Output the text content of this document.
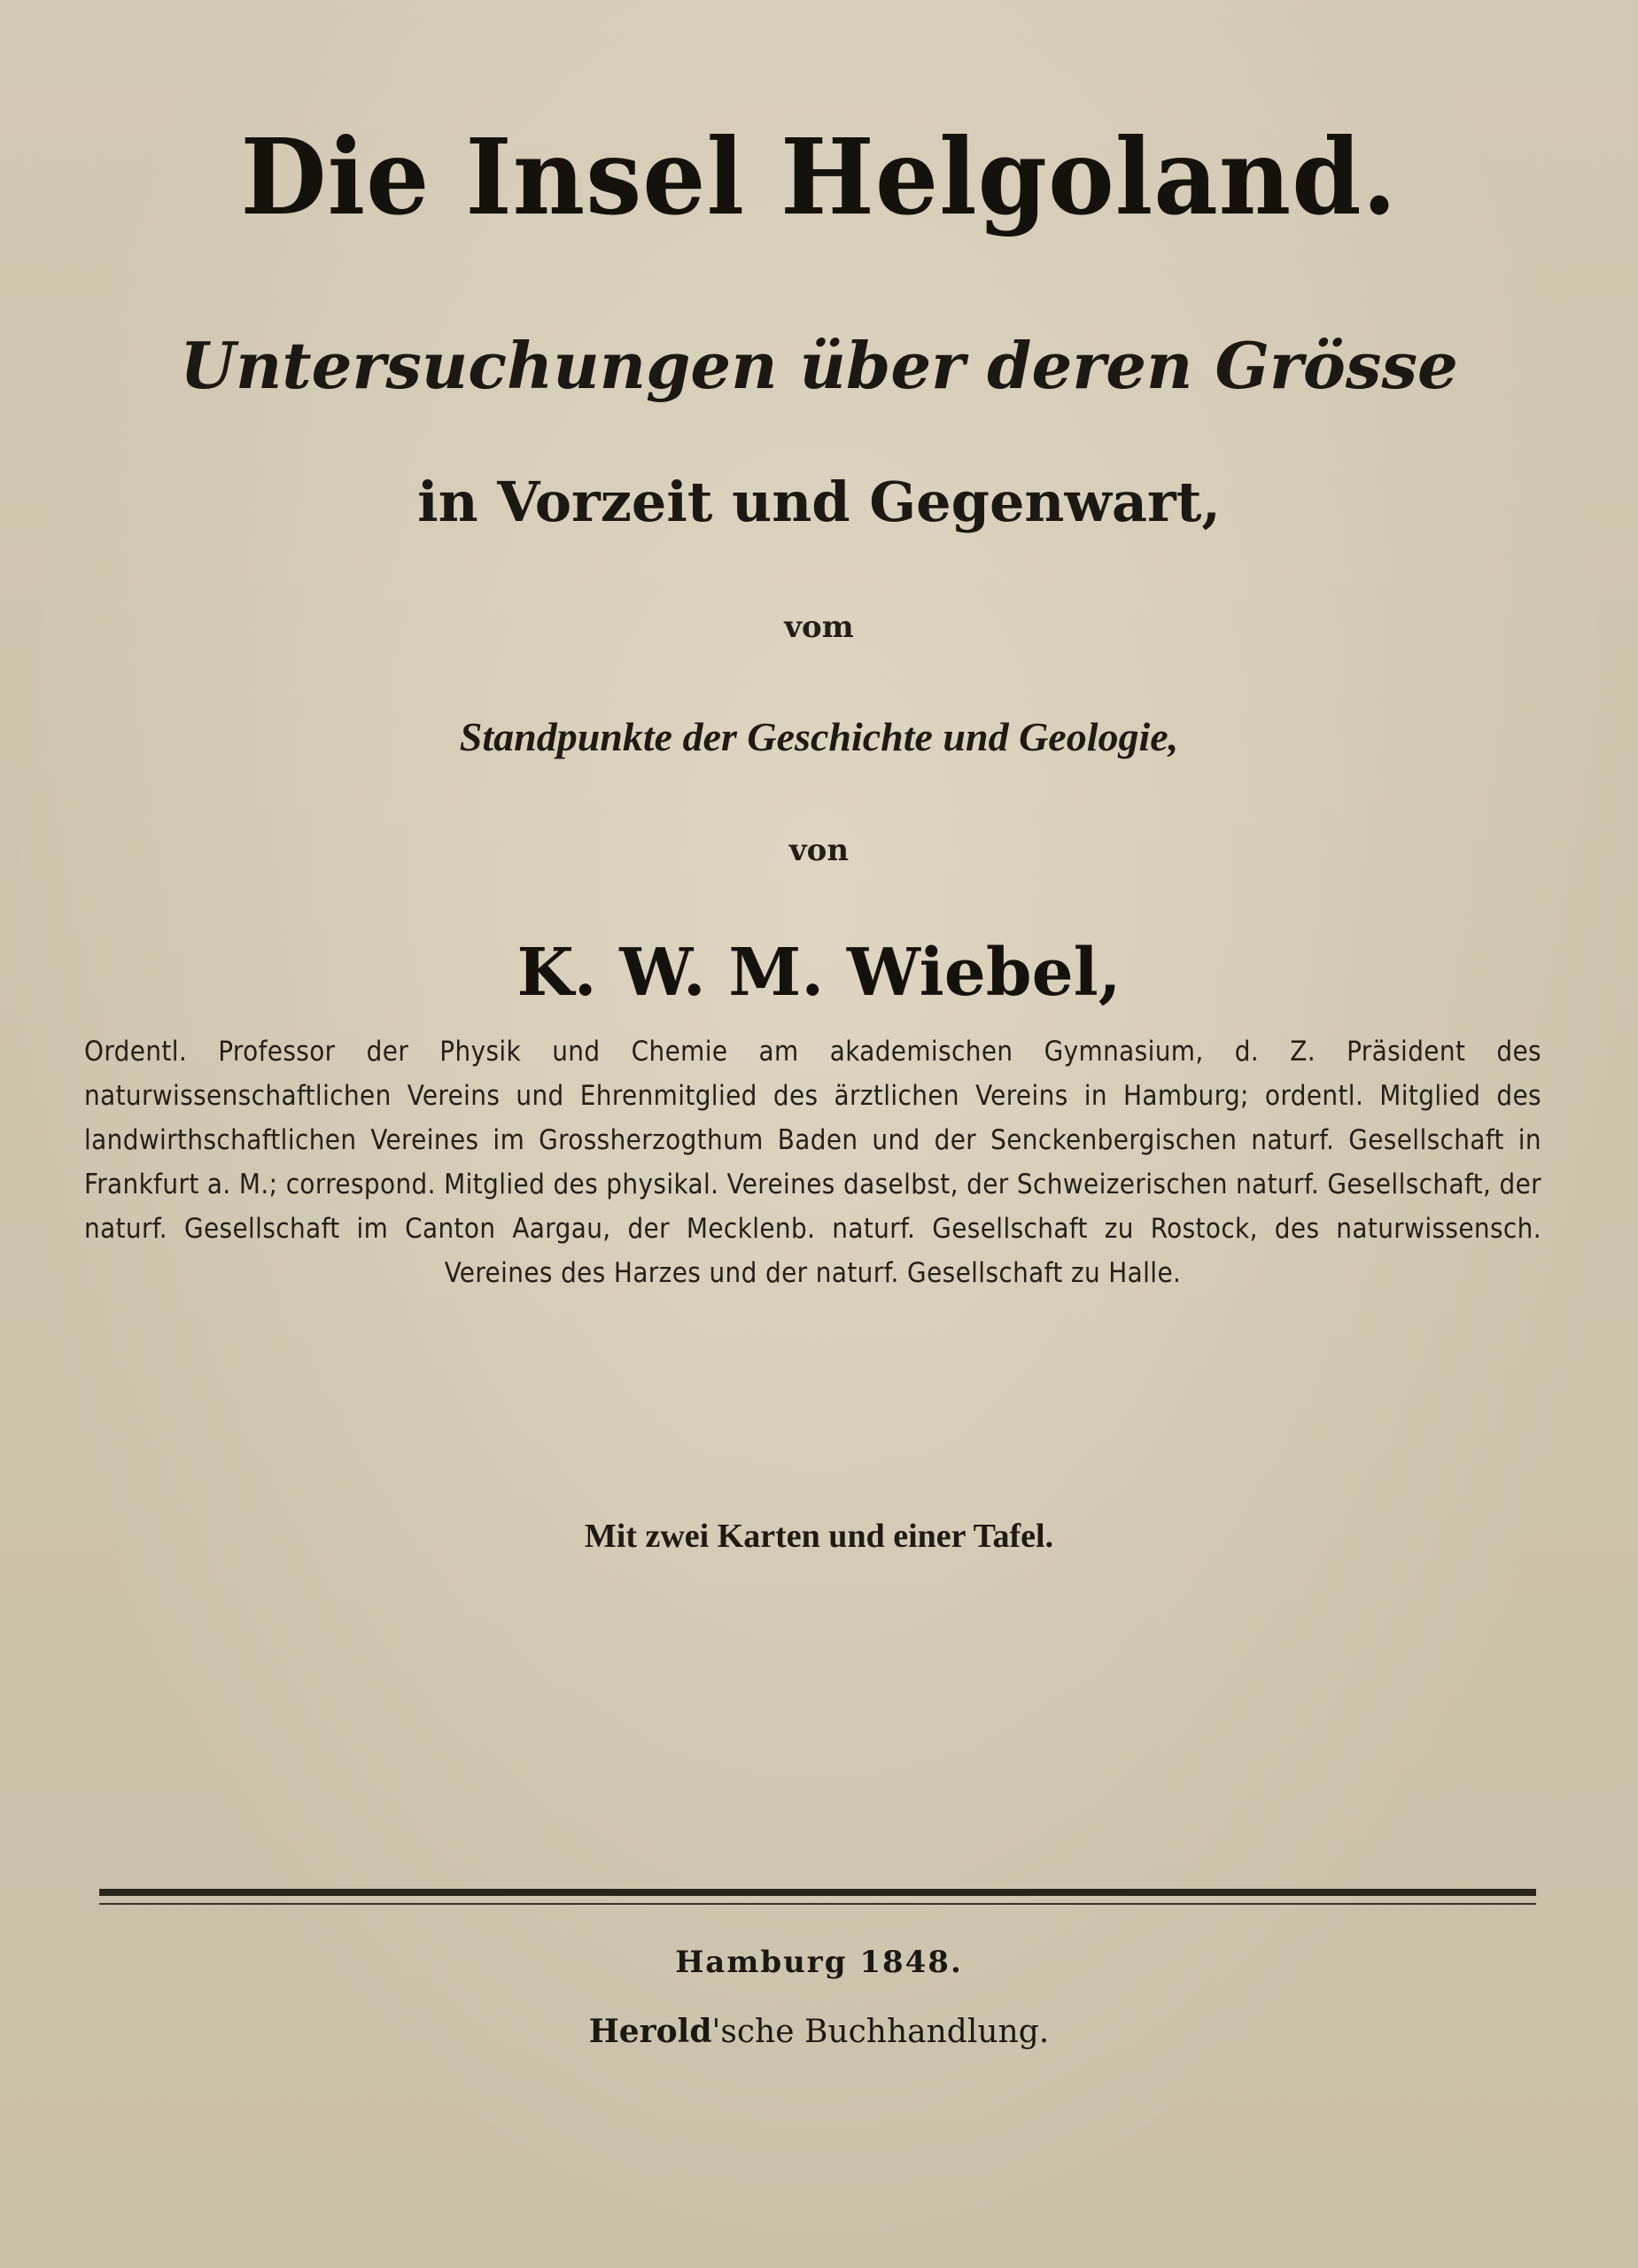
Die Insel Helgoland.
Untersuchungen über deren Grösse
in Vorzeit und Gegenwart,
vom
Standpunkte der Geschichte und Geologie,
von
K. W. M. Wiebel,
Ordentl. Professor der Physik und Chemie am akademischen Gymnasium, d. Z. Präsident des naturwissenschaftlichen Vereins und Ehrenmitglied des ärztlichen Vereins in Hamburg; ordentl. Mitglied des landwirthschaftlichen Vereines im Grossherzogthum Baden und der Senckenbergischen naturf. Gesellschaft in Frankfurt a. M.; correspond. Mitglied des physikal. Vereines daselbst, der Schweizerischen naturf. Gesellschaft, der naturf. Gesellschaft im Canton Aargau, der Mecklenb. naturf. Gesellschaft zu Rostock, des naturwissensch. Vereines des Harzes und der naturf. Gesellschaft zu Halle.
Mit zwei Karten und einer Tafel.
Hamburg 1848.
Herold'sche Buchhandlung.
